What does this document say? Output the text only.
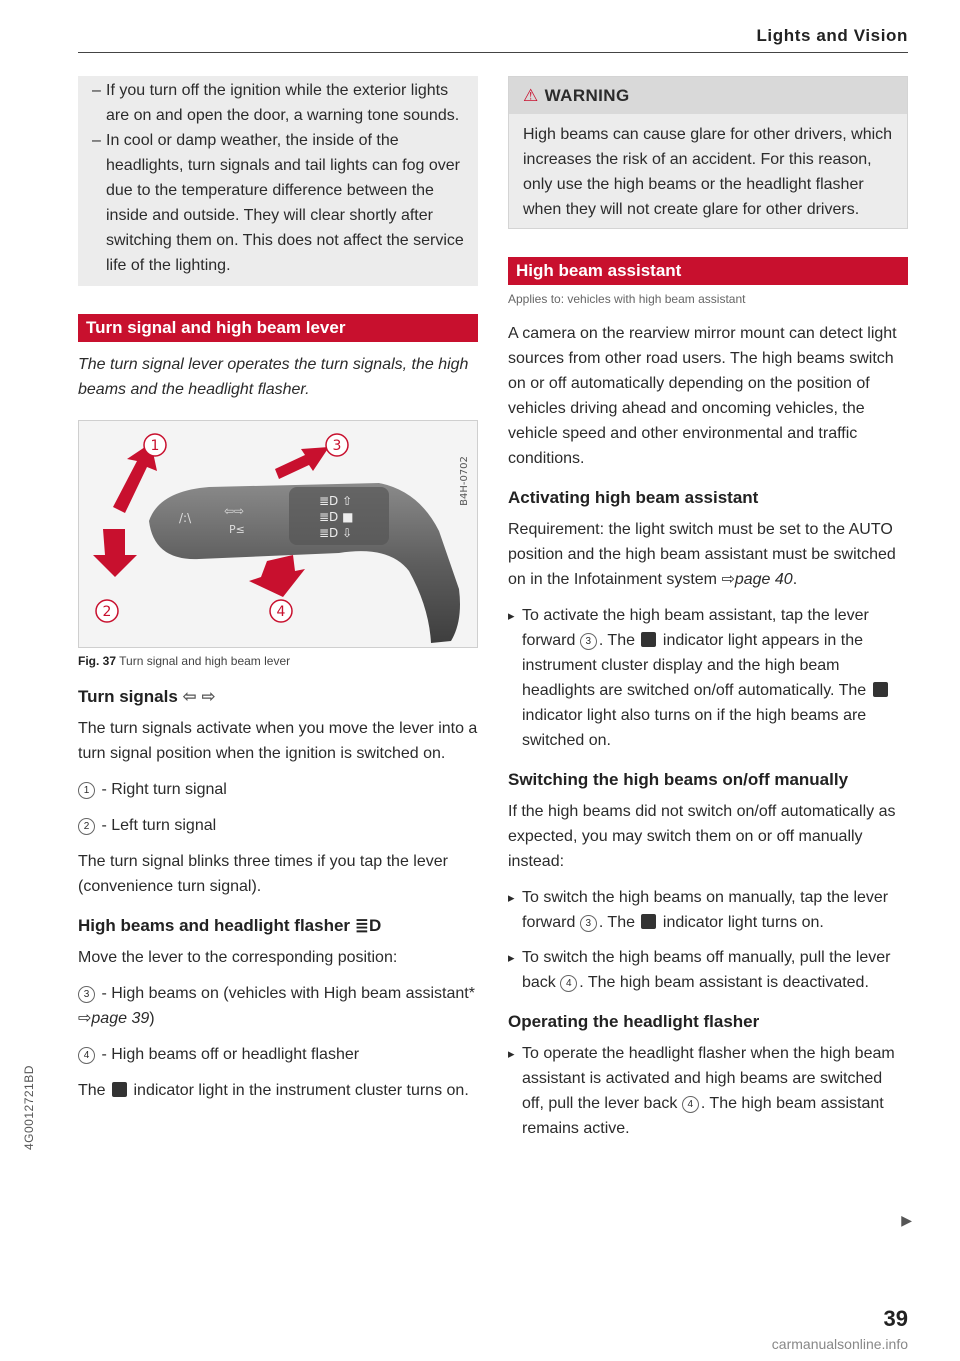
Lights and Vision

– If you turn off the ignition while the exterior lights are on and open the door, a warning tone sounds.

– In cool or damp weather, the inside of the headlights, turn signals and tail lights can fog over due to the temperature difference between the inside and outside. They will clear shortly after switching them on. This does not affect the service life of the lighting.

Turn signal and high beam lever

The turn signal lever operates the turn signals, the high beams and the headlight flasher.

/:\	⇦⇨
P≤
≣D ⇧
≣D ■
≣D ⇩
1
2
3
4
B4H-0702
Fig. 37 Turn signal and high beam lever
Turn signals ⇦ ⇨

The turn signals activate when you move the lever into a turn signal position when the ignition is switched on.

1 - Right turn signal

2 - Left turn signal

The turn signal blinks three times if you tap the lever (convenience turn signal).

High beams and headlight flasher ≣D

Move the lever to the corresponding position:

3 - High beams on (vehicles with High beam assistant* ⇨page 39)

4 - High beams off or headlight flasher

The indicator light in the instrument cluster turns on.

⚠ WARNING
High beams can cause glare for other drivers, which increases the risk of an accident. For this reason, only use the high beams or the headlight flasher when they will not create glare for other drivers.
High beam assistant
Applies to: vehicles with high beam assistant

A camera on the rearview mirror mount can detect light sources from other road users. The high beams switch on or off automatically depending on the position of vehicles driving ahead and oncoming vehicles, the vehicle speed and other environmental and traffic conditions.

Activating high beam assistant

Requirement: the light switch must be set to the AUTO position and the high beam assistant must be switched on in the Infotainment system ⇨page 40.

▸ To activate the high beam assistant, tap the lever forward 3 . The indicator light appears in the instrument cluster display and the high beam headlights are switched on/off automatically. The  indicator light also turns on if the high beams are switched on.

Switching the high beams on/off manually

If the high beams did not switch on/off automatically as expected, you may switch them on or off manually instead:

▸ To switch the high beams on manually, tap the lever forward 3 . The indicator light turns on.

▸ To switch the high beams off manually, pull the lever back 4 . The high beam assistant is deactivated.

Operating the headlight flasher

▸ To operate the headlight flasher when the high beam assistant is activated and high beams are switched off, pull the lever back 4 . The high beam assistant remains active.

▶
39
4G0012721BD
carmanualsonline.info
